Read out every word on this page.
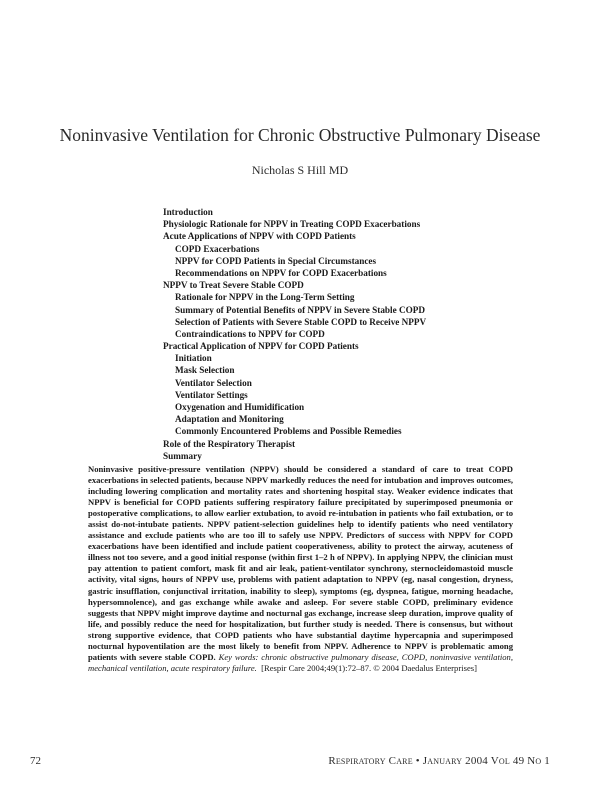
Noninvasive Ventilation for Chronic Obstructive Pulmonary Disease
Nicholas S Hill MD
Introduction
Physiologic Rationale for NPPV in Treating COPD Exacerbations
Acute Applications of NPPV with COPD Patients
COPD Exacerbations
NPPV for COPD Patients in Special Circumstances
Recommendations on NPPV for COPD Exacerbations
NPPV to Treat Severe Stable COPD
Rationale for NPPV in the Long-Term Setting
Summary of Potential Benefits of NPPV in Severe Stable COPD
Selection of Patients with Severe Stable COPD to Receive NPPV
Contraindications to NPPV for COPD
Practical Application of NPPV for COPD Patients
Initiation
Mask Selection
Ventilator Selection
Ventilator Settings
Oxygenation and Humidification
Adaptation and Monitoring
Commonly Encountered Problems and Possible Remedies
Role of the Respiratory Therapist
Summary

Noninvasive positive-pressure ventilation (NPPV) should be considered a standard of care to treat COPD exacerbations in selected patients, because NPPV markedly reduces the need for intubation and improves outcomes, including lowering complication and mortality rates and shortening hospital stay. Weaker evidence indicates that NPPV is beneficial for COPD patients suffering respiratory failure precipitated by superimposed pneumonia or postoperative complications, to allow earlier extubation, to avoid re-intubation in patients who fail extubation, or to assist do-not-intubate patients. NPPV patient-selection guidelines help to identify patients who need ventilatory assistance and exclude patients who are too ill to safely use NPPV. Predictors of success with NPPV for COPD exacerbations have been identified and include patient cooperativeness, ability to protect the airway, acuteness of illness not too severe, and a good initial response (within first 1–2 h of NPPV). In applying NPPV, the clinician must pay attention to patient comfort, mask fit and air leak, patient-ventilator synchrony, sternocleidomastoid muscle activity, vital signs, hours of NPPV use, problems with patient adaptation to NPPV (eg, nasal congestion, dryness, gastric insufflation, conjunctival irritation, inability to sleep), symptoms (eg, dyspnea, fatigue, morning headache, hypersomnolence), and gas exchange while awake and asleep. For severe stable COPD, preliminary evidence suggests that NPPV might improve daytime and nocturnal gas exchange, increase sleep duration, improve quality of life, and possibly reduce the need for hospitalization, but further study is needed. There is consensus, but without strong supportive evidence, that COPD patients who have substantial daytime hypercapnia and superimposed nocturnal hypoventilation are the most likely to benefit from NPPV. Adherence to NPPV is problematic among patients with severe stable COPD. Key words: chronic obstructive pulmonary disease, COPD, noninvasive ventilation, mechanical ventilation, acute respiratory failure. [Respir Care 2004;49(1):72–87. © 2004 Daedalus Enterprises]

72	Respiratory Care • January 2004 Vol 49 No 1
